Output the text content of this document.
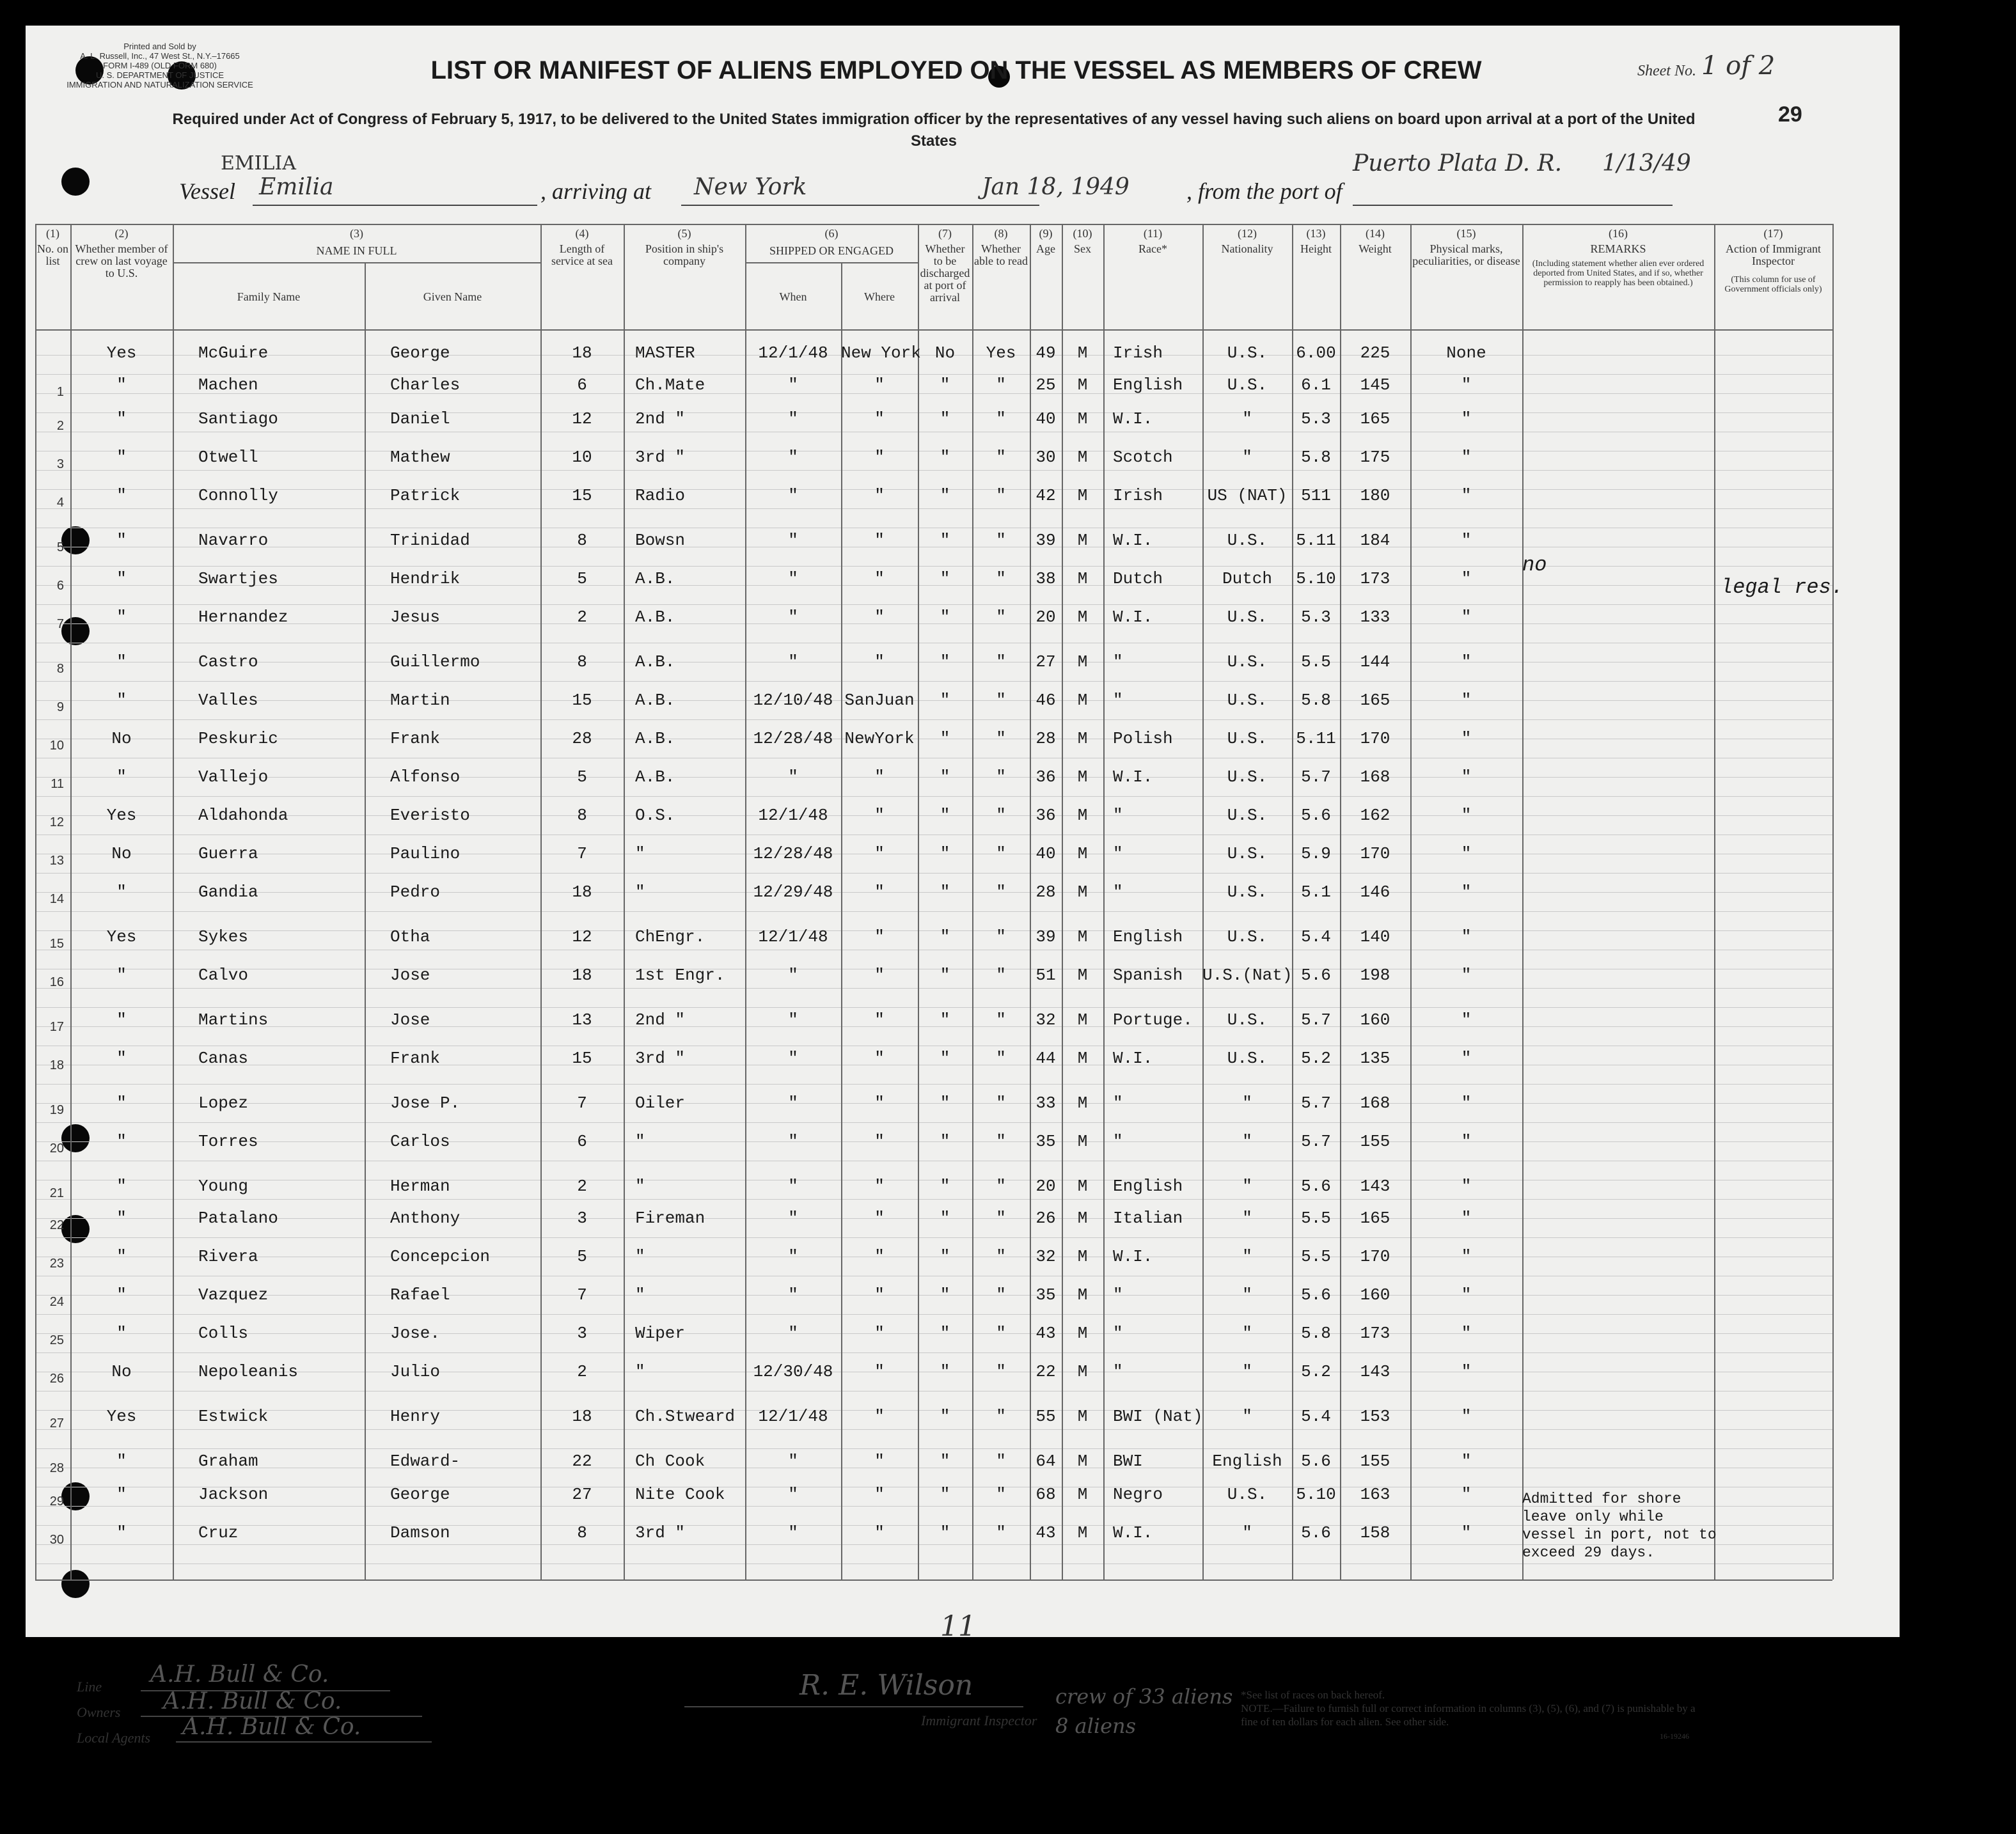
Printed and Sold by
A. L. Russell, Inc., 47 West St., N.Y.–17665
FORM I-489 (OLD FORM 680)
U. S. DEPARTMENT OF JUSTICE
IMMIGRATION AND NATURALIZATION SERVICE
LIST OR MANIFEST OF ALIENS EMPLOYED ON THE VESSEL AS MEMBERS OF CREW	Sheet No. 1 of 2
29
Required under Act of Congress of February 5, 1917, to be delivered to the United States immigration officer by the representatives of any vessel having such aliens on board upon arrival at a port of the United States
EMILIA
Vessel Emilia	, arriving at New York	Jan 18, 1949 , from the port of
Puerto Plata D. R. 1/13/49
(1)
No. on list
(2)
Whether member of crew on last voyage to U.S.
(3)
NAME IN FULL
Family Name	Given Name
(4)
Length of service at sea
(5)
Position in ship's company
(6)
SHIPPED OR ENGAGED
When	Where
(7)
Whether to be discharged at port of arrival
(8)
Whether able to read
(9)
Age
(10)
Sex
(11)
Race*
(12)
Nationality
(13)
Height
(14)
Weight
(15)
Physical marks, peculiarities, or disease
(16)
REMARKS
(Including statement whether alien ever ordered deported from United States, and if so, whether permission to reapply has been obtained.)
(17)
Action of Immigrant Inspector
(This column for use of Government officials only)
Yes	McGuire	George	18	MASTER	12/1/48 New York No	Yes	49	M	Irish	U.S.	6.00	225	None
1	"	Machen	Charles	6	Ch.Mate	"	"	"	"	25	M	English	U.S.	6.1	145	"
2	"	Santiago	Daniel	12	2nd "	"	"	"	"	40	M	W.I.	"	5.3	165	"
3	"	Otwell	Mathew	10	3rd "	"	"	"	"	30	M	Scotch	"	5.8	175	"
4	"	Connolly	Patrick	15	Radio	"	"	"	"	42	M	Irish	US (NAT) 511	180	"
5	"	Navarro	Trinidad	8	Bowsn	"	"	"	"	39	M	W.I.	U.S.	5.11	184	"
6	"	Swartjes	Hendrik	5	A.B.	"	"	"	"	38	M	Dutch	Dutch	5.10	173	"
7	"	Hernandez	Jesus	2	A.B.	"	"	"	"	20	M	W.I.	U.S.	5.3	133	"
8	"	Castro	Guillermo	8	A.B.	"	"	"	"	27	M	"	U.S.	5.5	144	"
9	"	Valles	Martin	15	A.B.	12/10/48 SanJuan	"	"	46	M	"	U.S.	5.8	165	"
10	No	Peskuric	Frank	28	A.B.	12/28/48 NewYork	"	"	28	M	Polish	U.S.	5.11	170	"
11	"	Vallejo	Alfonso	5	A.B.	"	"	"	"	36	M	W.I.	U.S.	5.7	168	"
12	Yes	Aldahonda	Everisto	8	O.S.	12/1/48	"	"	"	36	M	"	U.S.	5.6	162	"
13	No	Guerra	Paulino	7	"	12/28/48	"	"	"	40	M	"	U.S.	5.9	170	"
14	"	Gandia	Pedro	18	"	12/29/48	"	"	"	28	M	"	U.S.	5.1	146	"
15	Yes	Sykes	Otha	12	ChEngr.	12/1/48	"	"	"	39	M	English	U.S.	5.4	140	"
16	"	Calvo	Jose	18	1st Engr.	"	"	"	"	51	M	Spanish	U.S.(Nat) 5.6	198	"
17	"	Martins	Jose	13	2nd "	"	"	"	"	32	M	Portuge.	U.S.	5.7	160	"
18	"	Canas	Frank	15	3rd "	"	"	"	"	44	M	W.I.	U.S.	5.2	135	"
19	"	Lopez	Jose P.	7	Oiler	"	"	"	"	33	M	"	"	5.7	168	"
20	"	Torres	Carlos	6	"	"	"	"	"	35	M	"	"	5.7	155	"
21	"	Young	Herman	2	"	"	"	"	"	20	M	English	"	5.6	143	"
22	"	Patalano	Anthony	3	Fireman	"	"	"	"	26	M	Italian	"	5.5	165	"
23	"	Rivera	Concepcion	5	"	"	"	"	"	32	M	W.I.	"	5.5	170	"
24	"	Vazquez	Rafael	7	"	"	"	"	"	35	M	"	"	5.6	160	"
25	"	Colls	Jose.	3	Wiper	"	"	"	"	43	M	"	"	5.8	173	"
26	No	Nepoleanis	Julio	2	"	12/30/48	"	"	"	22	M	"	"	5.2	143	"
27	Yes	Estwick	Henry	18	Ch.Stweard	12/1/48	"	"	"	55	M	BWI (Nat)	"	5.4	153	"
28	"	Graham	Edward-	22	Ch Cook	"	"	"	"	64	M	BWI	English	5.6	155	"
29	"	Jackson	George	27	Nite Cook	"	"	"	"	68	M	Negro	U.S.	5.10	163	"
30	"	Cruz	Damson	8	3rd "	"	"	"	"	43	M	W.I.	"	5.6	158	"
no
legal res.
Admitted for shore leave only while vessel in port, not to exceed 29 days.
11
Line A.H. Bull & Co.
Owners A.H. Bull & Co.
Local Agents A.H. Bull & Co.
R. E. Wilson
Immigrant Inspector
crew of 33 aliens 8 aliens
*See list of races on back hereof.
NOTE.—Failure to furnish full or correct information in columns (3), (5), (6), and (7) is punishable by a fine of ten dollars for each alien. See other side.
16-19246
